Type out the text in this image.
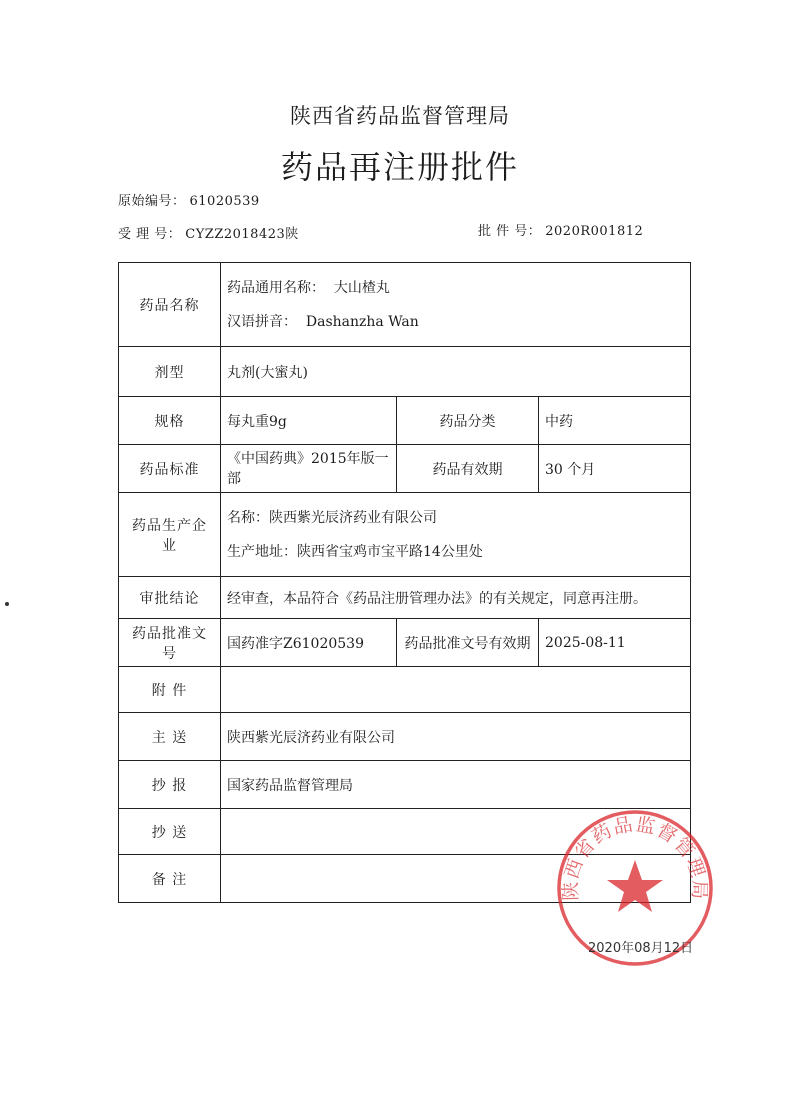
陕西省药品监督管理局
药品再注册批件
原始编号： 61020539
受 理 号： CYZZ2018423陕	批 件 号： 2020R001812
药品名称	药品通用名称： 大山楂丸
汉语拼音： Dashanzha Wan		

剂型	丸剂(大蜜丸)		
规格	每丸重9g	药品分类	中药
药品标准	《中国药典》2015年版一部	药品有效期	30 个月
药品生产企业	名称：陕西紫光辰济药业有限公司
生产地址：陕西省宝鸡市宝平路14公里处		

审批结论	经审查，本品符合《药品注册管理办法》的有关规定，同意再注册。		
药品批准文号	国药准字Z61020539	药品批准文号有效期	2025-08-11
附 件			
主 送	陕西紫光辰济药业有限公司		
抄 报	国家药品监督管理局		
抄 送			
备 注			
陕西省药品监督管理局
2020年08月12日
